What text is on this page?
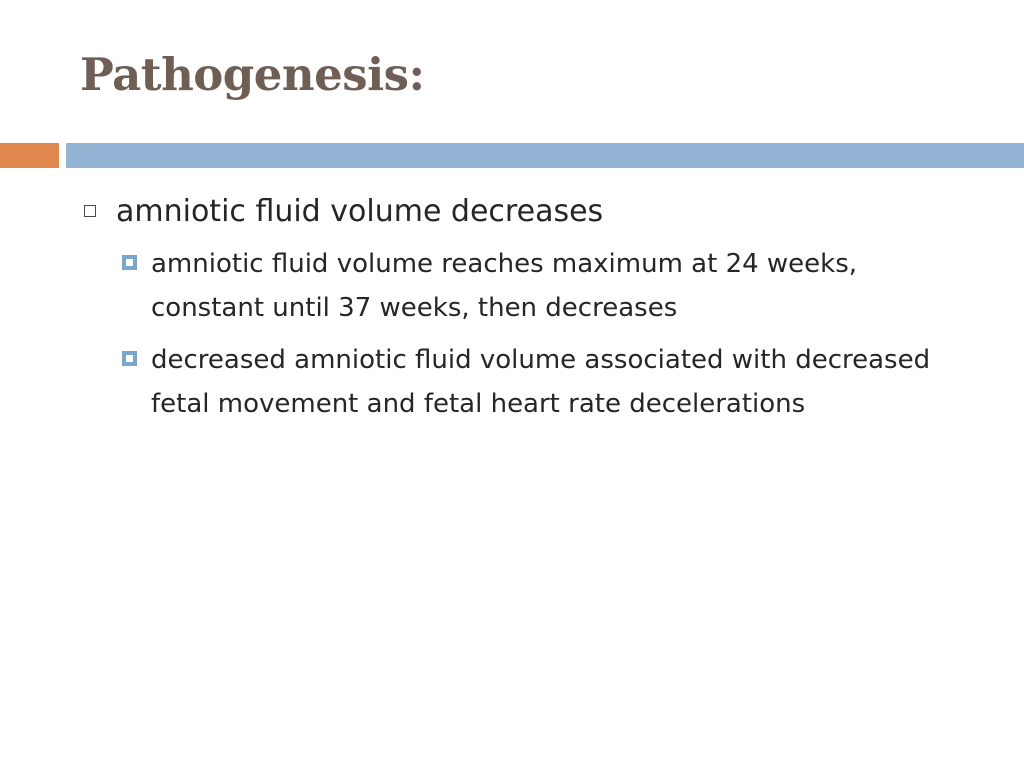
Pathogenesis:
amniotic fluid volume decreases
amniotic fluid volume reaches maximum at 24 weeks, constant until 37 weeks, then decreases
decreased amniotic fluid volume associated with decreased fetal movement and fetal heart rate decelerations
